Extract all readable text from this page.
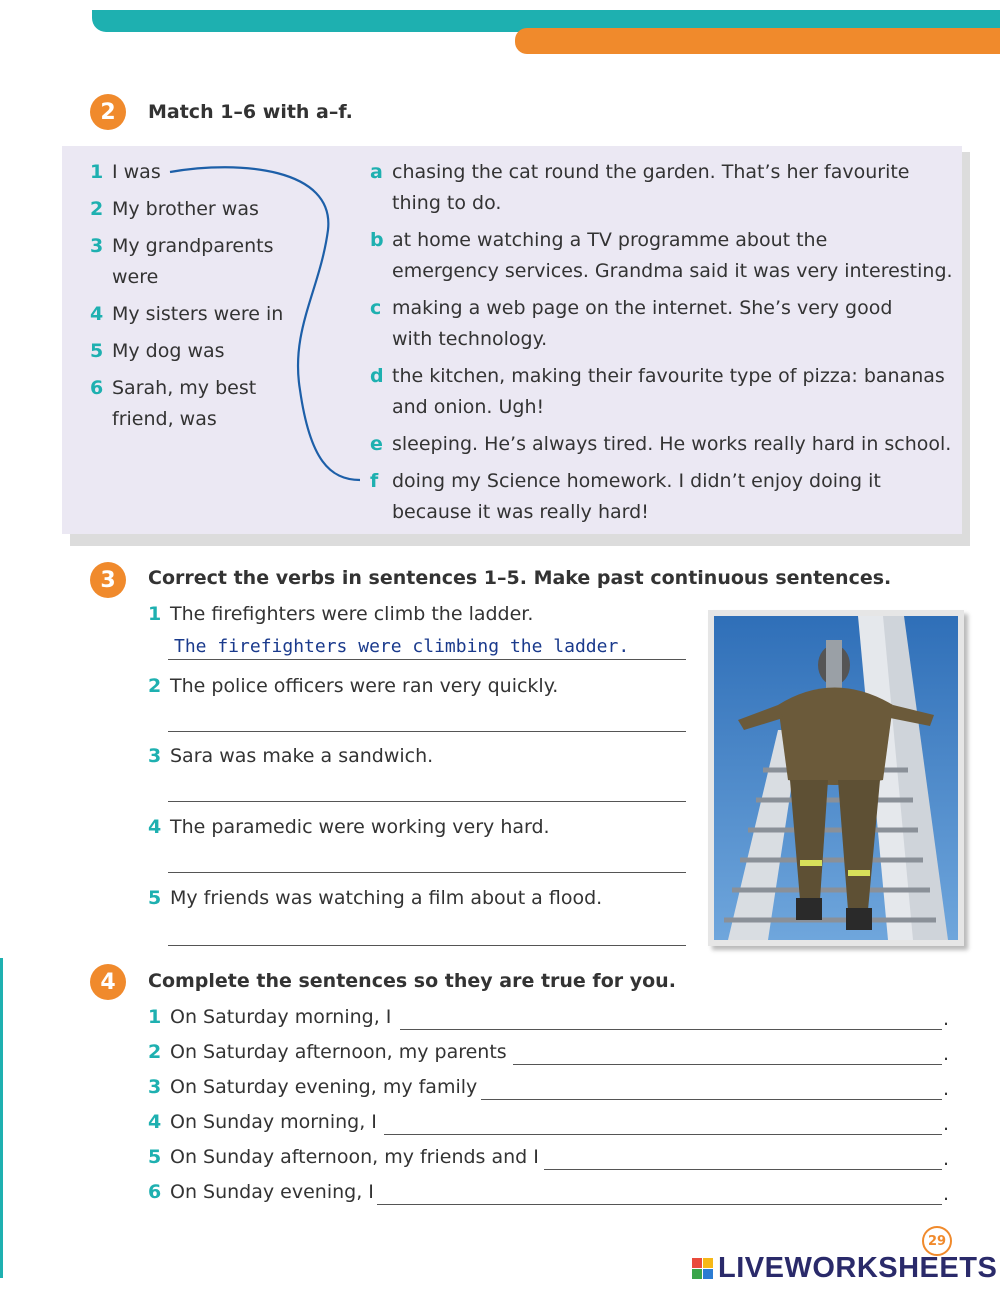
2	Match 1–6 with a–f.
1 I was
2 My brother was
3 My grandparents
were
4 My sisters were in
5 My dog was
6 Sarah, my best
friend, was
a chasing the cat round the garden. That’s her favourite
thing to do.
b at home watching a TV programme about the
emergency services. Grandma said it was very interesting.
c making a web page on the internet. She’s very good
with technology.
d the kitchen, making their favourite type of pizza: bananas
and onion. Ugh!
e sleeping. He’s always tired. He works really hard in school.
f doing my Science homework. I didn’t enjoy doing it
because it was really hard!
3	Correct the verbs in sentences 1–5. Make past continuous sentences.
1 The firefighters were climb the ladder.
The firefighters were climbing the ladder.
2 The police officers were ran very quickly.
3 Sara was make a sandwich.
4 The paramedic were working very hard.
5 My friends was watching a film about a flood.
4	Complete the sentences so they are true for you.
1 On Saturday morning, I	.
2 On Saturday afternoon, my parents	.
3 On Saturday evening, my family	.
4 On Sunday morning, I	.
5 On Sunday afternoon, my friends and I	.
6 On Sunday evening, I	.
29
LIVEWORKSHEETS
